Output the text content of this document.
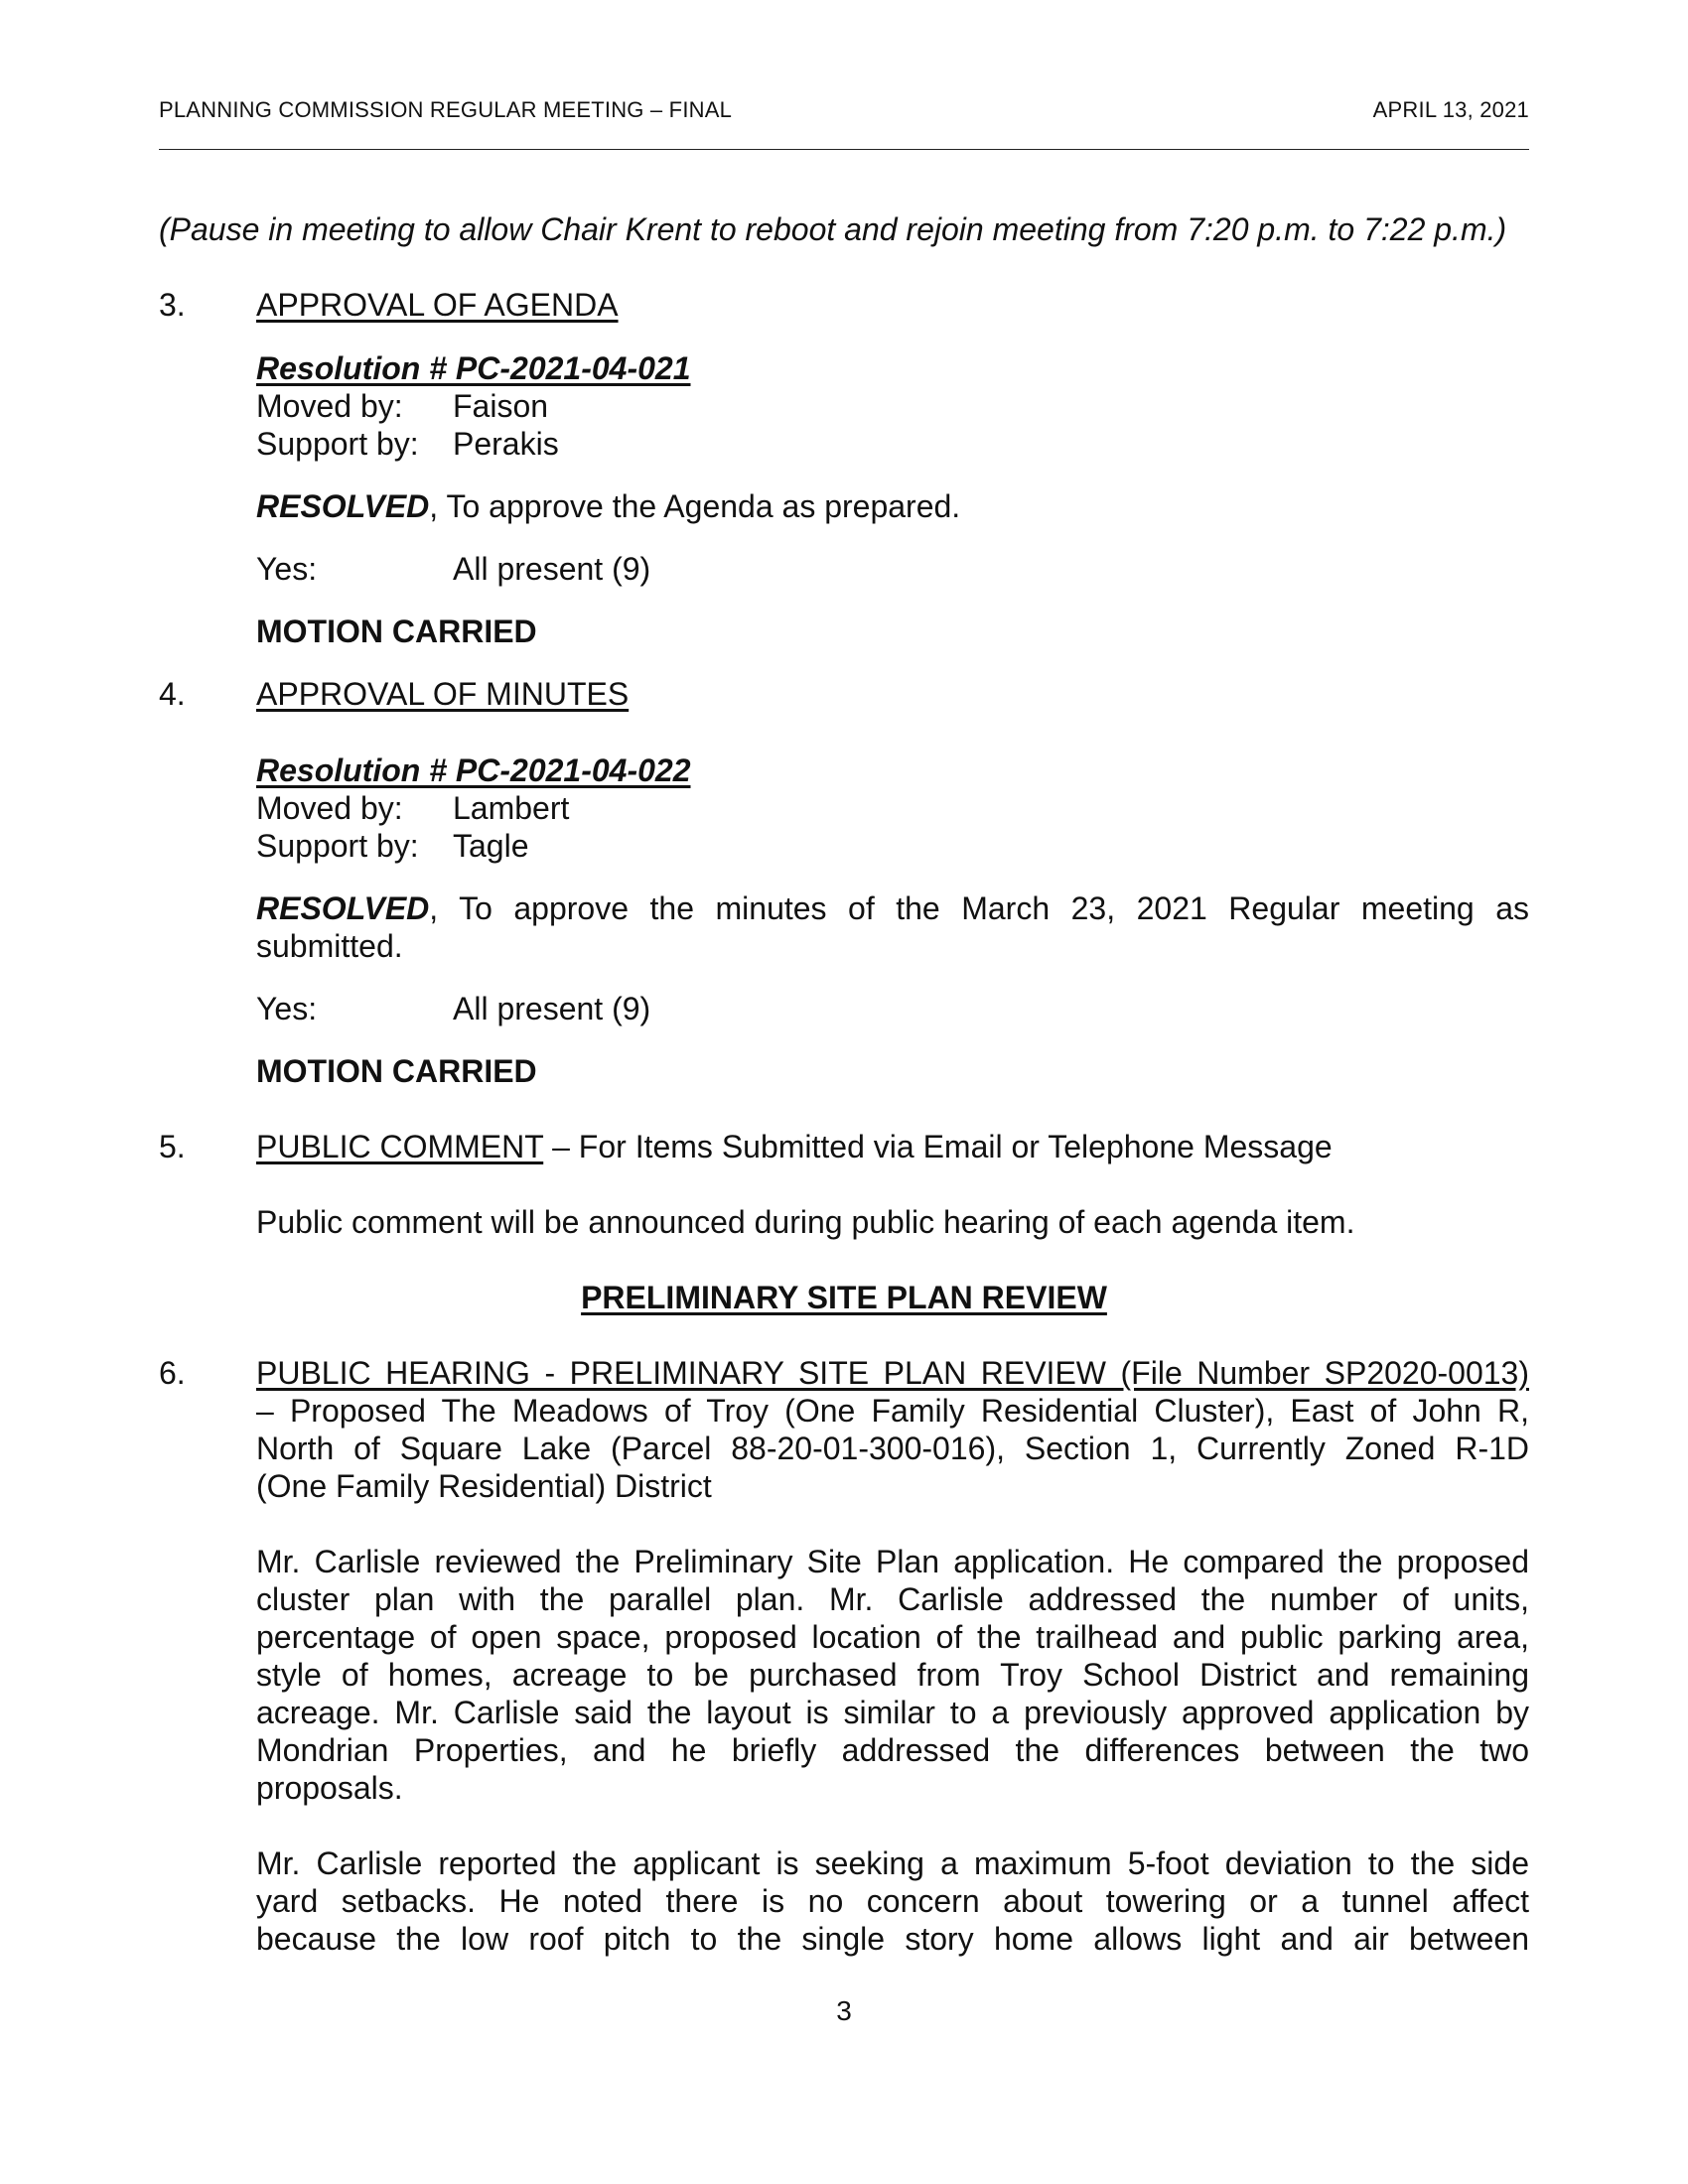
PLANNING COMMISSION REGULAR MEETING – FINAL	APRIL 13, 2021
(Pause in meeting to allow Chair Krent to reboot and rejoin meeting from 7:20 p.m. to 7:22 p.m.)
3. APPROVAL OF AGENDA
Resolution # PC-2021-04-021
Moved by: Faison
Support by: Perakis
RESOLVED, To approve the Agenda as prepared.
Yes:	All present (9)
MOTION CARRIED
4. APPROVAL OF MINUTES
Resolution # PC-2021-04-022
Moved by: Lambert
Support by: Tagle
RESOLVED, To approve the minutes of the March 23, 2021 Regular meeting as
submitted.
Yes:	All present (9)
MOTION CARRIED
5. PUBLIC COMMENT – For Items Submitted via Email or Telephone Message
Public comment will be announced during public hearing of each agenda item.
PRELIMINARY SITE PLAN REVIEW
6. PUBLIC HEARING - PRELIMINARY SITE PLAN REVIEW (File Number SP2020-0013)
– Proposed The Meadows of Troy (One Family Residential Cluster), East of John R,
North of Square Lake (Parcel 88-20-01-300-016), Section 1, Currently Zoned R-1D
(One Family Residential) District
Mr. Carlisle reviewed the Preliminary Site Plan application. He compared the proposed
cluster plan with the parallel plan. Mr. Carlisle addressed the number of units,
percentage of open space, proposed location of the trailhead and public parking area,
style of homes, acreage to be purchased from Troy School District and remaining
acreage. Mr. Carlisle said the layout is similar to a previously approved application by
Mondrian Properties, and he briefly addressed the differences between the two
proposals.
Mr. Carlisle reported the applicant is seeking a maximum 5-foot deviation to the side
yard setbacks. He noted there is no concern about towering or a tunnel affect
because the low roof pitch to the single story home allows light and air between
3
